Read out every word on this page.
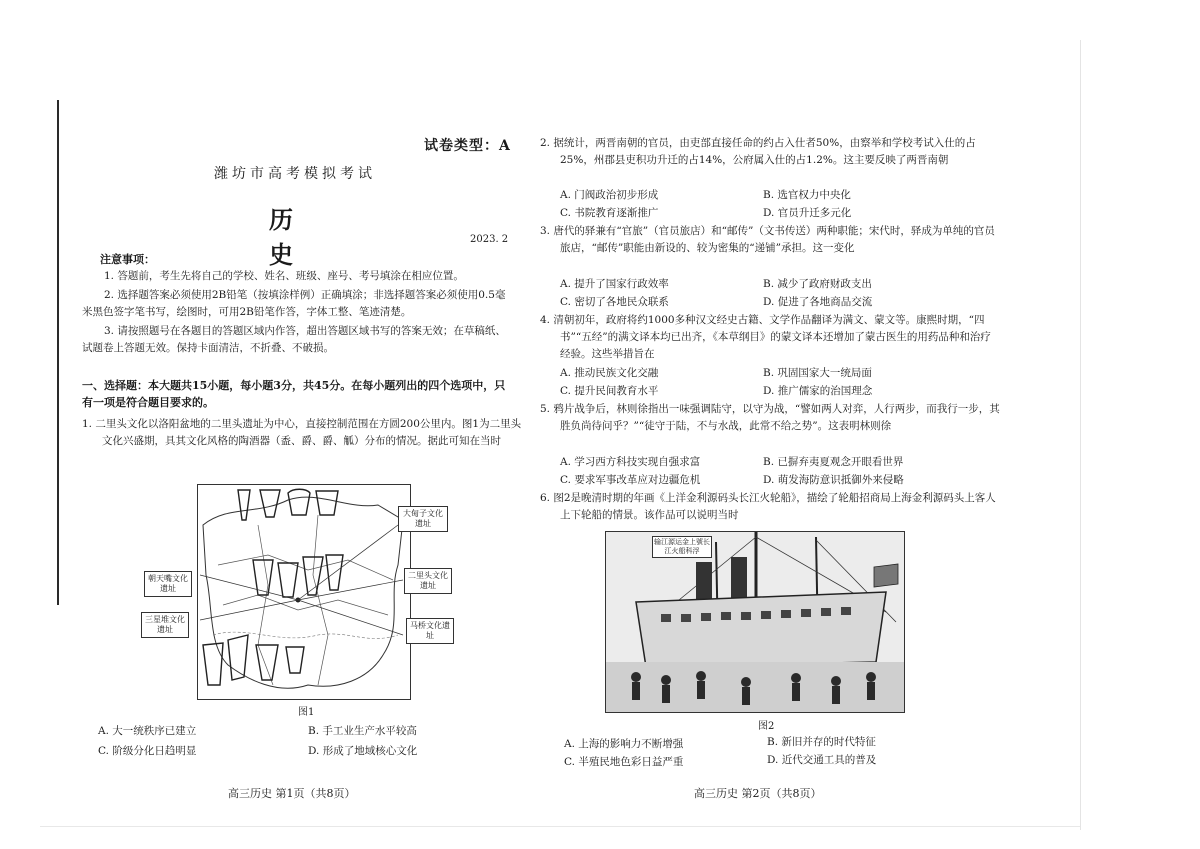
试卷类型：A
潍坊市高考模拟考试
历史
2023. 2
注意事项：
1. 答题前，考生先将自己的学校、姓名、班级、座号、考号填涂在相应位置。
2. 选择题答案必须使用2B铅笔（按填涂样例）正确填涂；非选择题答案必须使用0.5毫米黑色签字笔书写，绘图时，可用2B铅笔作答，字体工整、笔迹清楚。
3. 请按照题号在各题目的答题区域内作答，超出答题区域书写的答案无效；在草稿纸、试题卷上答题无效。保持卡面清洁，不折叠、不破损。
一、选择题：本大题共15小题，每小题3分，共45分。在每小题列出的四个选项中，只有一项是符合题目要求的。
1. 二里头文化以洛阳盆地的二里头遗址为中心，直接控制范围在方圆200公里内。图1为二里头文化兴盛期，具其文化风格的陶酒器（盉、爵、爵、觚）分布的情况。据此可知在当时
大甸子文化遗址
朝天嘴文化遗址
二里头文化遗址
三星堆文化遗址	马桥文化遗址
图1
A. 大一统秩序已建立	B. 手工业生产水平较高
C. 阶级分化日趋明显	D. 形成了地域核心文化
高三历史 第1页（共8页）
2. 据统计，两晋南朝的官员，由吏部直接任命的约占入仕者50%，由察举和学校考试入仕的占25%，州郡县吏积功升迁的占14%，公府属入仕的占1.2%。这主要反映了两晋南朝
A. 门阀政治初步形成	B. 选官权力中央化
C. 书院教育逐渐推广	D. 官员升迁多元化
3. 唐代的驿兼有“官旅”（官员旅店）和“邮传”（文书传送）两种职能；宋代时，驿成为单纯的官员旅店，“邮传”职能由新设的、较为密集的“递铺”承担。这一变化
A. 提升了国家行政效率	B. 减少了政府财政支出
C. 密切了各地民众联系	D. 促进了各地商品交流
4. 清朝初年，政府将约1000多种汉文经史古籍、文学作品翻译为满文、蒙文等。康熙时期，“四书”“五经”的满文译本均已出齐，《本草纲目》的蒙文译本还增加了蒙古医生的用药品种和治疗经验。这些举措旨在
A. 推动民族文化交融	B. 巩固国家大一统局面
C. 提升民间教育水平	D. 推广儒家的治国理念
5. 鸦片战争后，林则徐指出一味强调陆守，以守为战，“譬如两人对弈，人行两步，而我行一步，其胜负尚待问乎？”“徒守于陆，不与水战，此常不给之势”。这表明林则徐
A. 学习西方科技实现自强求富	B. 已摒弃夷夏观念开眼看世界
C. 要求军事改革应对边疆危机	D. 萌发海防意识抵御外来侵略
6. 图2是晚清时期的年画《上洋金利源码头长江火轮船》，描绘了轮船招商局上海金利源码头上客人上下轮船的情景。该作品可以说明当时
输江源运金上號长江火船科浮
图2
A. 上海的影响力不断增强	B. 新旧并存的时代特征
C. 半殖民地色彩日益严重	D. 近代交通工具的普及
高三历史 第2页（共8页）
